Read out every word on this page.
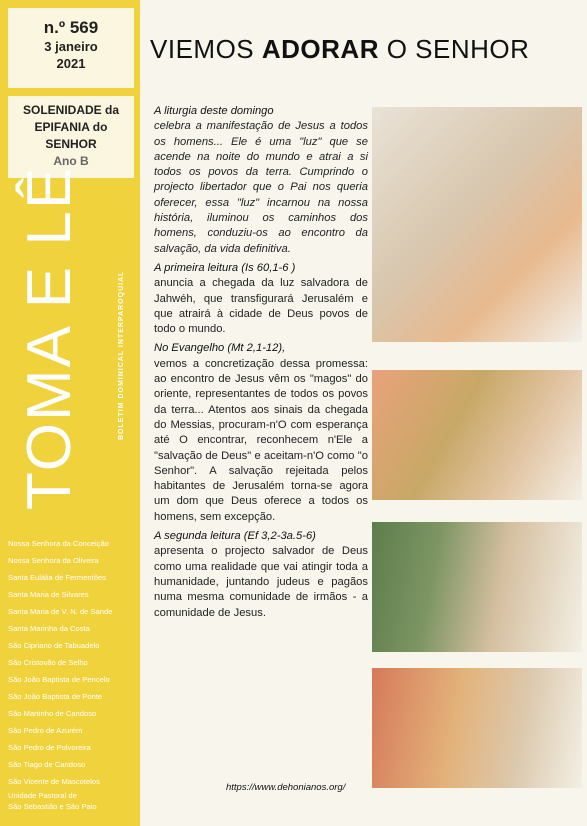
n.º 569
3 janeiro
2021
SOLENIDADE da
EPIFANIA do
SENHOR
Ano B
TOMA E LÊ	BOLETIM DOMINICAL INTERPAROQUIAL
Nossa Senhora da Conceição
Nossa Senhora da Oliveira
Santa Eulália de Fermentões
Santa Maria de Silvares
Santa Maria de V. N. de Sande
Santa Marinha da Costa
São Cipriano de Tabuadelo
São Cristovão de Selho
São João Baptista de Pencelo
São João Baptista de Ponte
São Martinho de Candoso
São Pedro de Azurém
São Pedro de Polvoreira
São Tiago de Candoso
São Vicente de Mascotelos
Unidade Pastoral de
São Sebastião e São Paio
VIEMOS ADORAR O SENHOR
A liturgia deste domingo
celebra a manifestação de Jesus a todos os homens... Ele é uma "luz" que se acende na noite do mundo e atrai a si todos os povos da terra. Cumprindo o projecto libertador que o Pai nos queria oferecer, essa "luz" incarnou na nossa história, iluminou os caminhos dos homens, conduziu-os ao encontro da salvação, da vida definitiva.
A primeira leitura (Is 60,1-6 )
anuncia a chegada da luz salvadora de Jahwéh, que transfigurará Jerusalém e que atrairá à cidade de Deus povos de todo o mundo.
No Evangelho (Mt 2,1-12),
vemos a concretização dessa promessa: ao encontro de Jesus vêm os "magos" do oriente, representantes de todos os povos da terra... Atentos aos sinais da chegada do Messias, procuram-n'O com esperança até O encontrar, reconhecem n'Ele a "salvação de Deus" e aceitam-n'O como "o Senhor". A salvação rejeitada pelos habitantes de Jerusalém torna-se agora um dom que Deus oferece a todos os homens, sem excepção.
A segunda leitura (Ef 3,2-3a.5-6)
apresenta o projecto salvador de Deus como uma realidade que vai atingir toda a humanidade, juntando judeus e pagãos numa mesma comunidade de irmãos - a comunidade de Jesus.
https://www.dehonianos.org/
